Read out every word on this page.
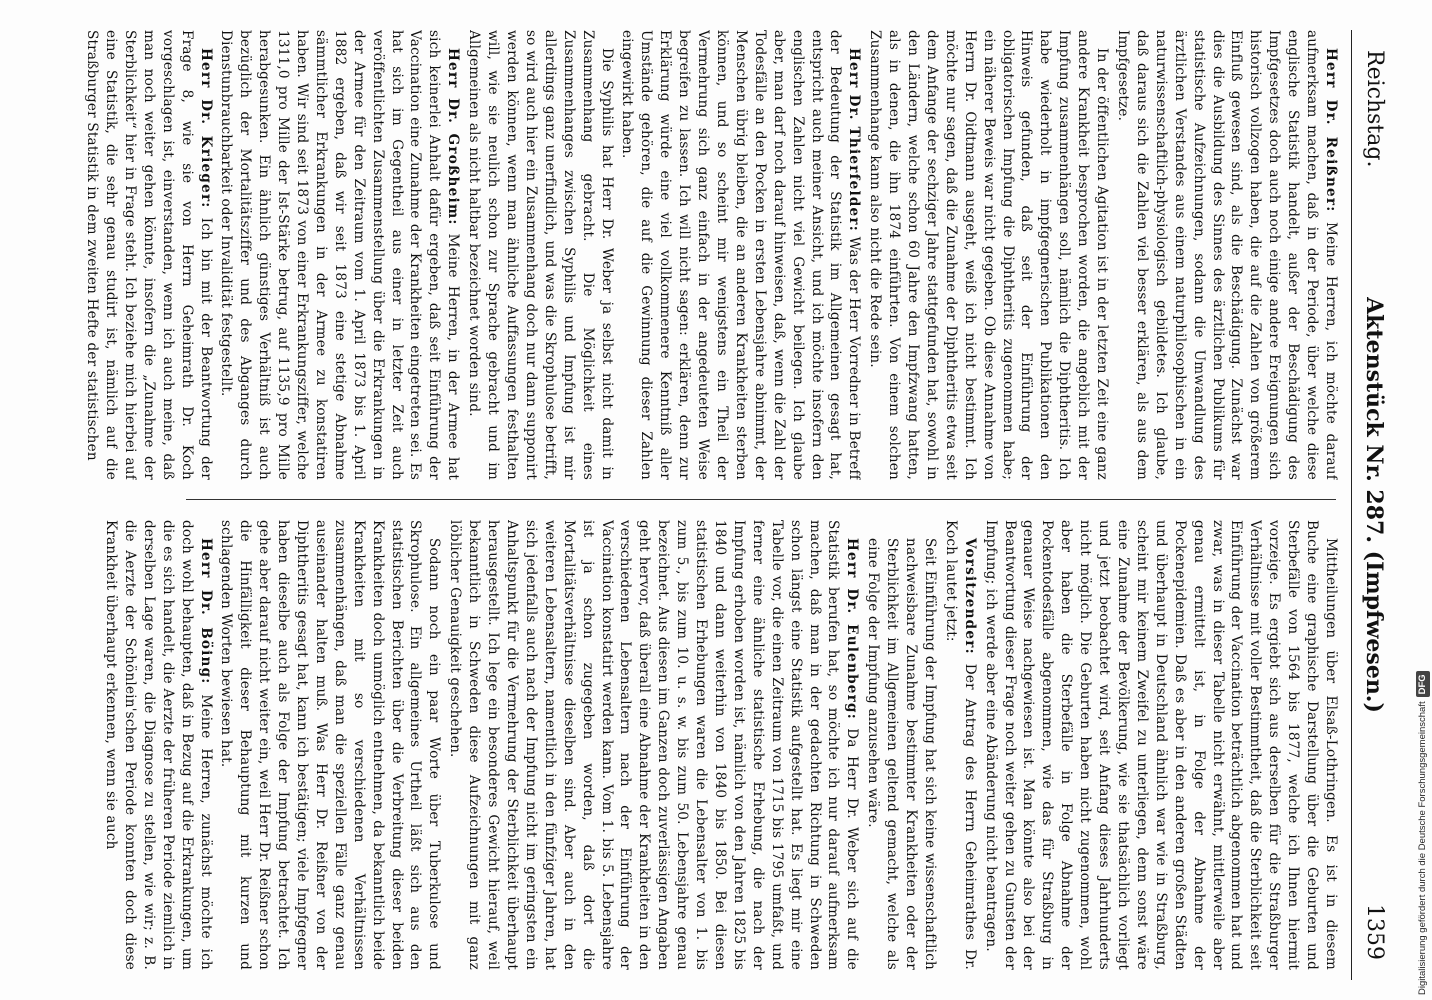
Reichstag.
Aktenstück Nr. 287. (Impfwesen.)
1359

Herr Dr. Reißner: Meine Herren, ich möchte darauf aufmerksam machen, daß in der Periode, über welche diese englische Statistik handelt, außer der Beschädigung des Impfgesetzes doch auch noch einige andere Ereignungen sich historisch vollzogen haben, die auf die Zahlen von größerem Einfluß gewesen sind, als die Beschädigung. Zunächst war dies die Ausbildung des Sinnes des ärztlichen Publikums für statistische Aufzeichnungen, sodann die Umwandlung des ärztlichen Verstandes aus einem naturphilosophischen in ein naturwissenschaftlich-physiologisch gebildetes. Ich glaube, daß daraus sich die Zahlen viel besser erklären, als aus dem Impfgesetze.

In der öffentlichen Agitation ist in der letzten Zeit eine ganz andere Krankheit besprochen worden, die angeblich mit der Impfung zusammenhängen soll, nämlich die Diphtheritis. Ich habe wiederholt in impfgegnerischen Publikationen den Hinweis gefunden, daß seit der Einführung der obligatorischen Impfung die Diphtheritis zugenommen habe; ein näherer Beweis war nicht gegeben. Ob diese Annahme von Herrn Dr. Oidtmann ausgeht, weiß ich nicht bestimmt. Ich möchte nur sagen, daß die Zunahme der Diphtheritis etwa seit dem Anfange der sechziger Jahre stattgefunden hat, sowohl in den Ländern, welche schon 60 Jahre den Impfzwang hatten, als in denen, die ihn 1874 einführten. Von einem solchen Zusammenhange kann also nicht die Rede sein.

Herr Dr. Thierfelder: Was der Herr Vorredner in Betreff der Bedeutung der Statistik im Allgemeinen gesagt hat, entspricht auch meiner Ansicht, und ich möchte insofern den englischen Zahlen nicht viel Gewicht beilegen. Ich glaube aber, man darf noch darauf hinweisen, daß, wenn die Zahl der Todesfälle an den Pocken in ersten Lebensjahre abnimmt, der Menschen übrig bleiben, die an anderen Krankheiten sterben können, und so scheint mir wenigstens ein Theil der Vermehrung sich ganz einfach in der angedeuteten Weise begreifen zu lassen. Ich will nicht sagen: erklären, denn zur Erklärung würde eine viel vollkommenere Kenntniß aller Umstände gehören, die auf die Gewinnung dieser Zahlen eingewirkt haben.

Die Syphilis hat Herr Dr. Weber ja selbst nicht damit in Zusammenhang gebracht. Die Möglichkeit eines Zusammenhanges zwischen Syphilis und Impfung ist mir allerdings ganz unerfindlich, und was die Skrophulose betrifft, so wird auch hier ein Zusammenhang doch nur dann supponirt werden können, wenn man ähnliche Auffassungen festhalten will, wie sie neulich schon zur Sprache gebracht und im Allgemeinen als nicht haltbar bezeichnet worden sind.

Herr Dr. Großheim: Meine Herren, in der Armee hat sich keinerlei Anhalt dafür ergeben, daß seit Einführung der Vaccination eine Zunahme der Krankheiten eingetreten sei. Es hat sich im Gegentheil aus einer in letzter Zeit auch veröffentlichten Zusammenstellung über die Erkrankungen in der Armee für den Zeitraum vom 1. April 1873 bis 1. April 1882 ergeben, daß wir seit 1873 eine stetige Abnahme sämmtlicher Erkrankungen in der Armee zu konstatiren haben. Wir sind seit 1873 von einer Erkrankungsziffer, welche 1311,0 pro Mille der Ist-Stärke betrug, auf 1135,9 pro Mille herabgesunken. Ein ähnlich günstiges Verhältniß ist auch bezüglich der Mortalitätsziffer und des Abganges durch Dienstunbrauchbarkeit oder Invalidität festgestellt.

Herr Dr. Krieger: Ich bin mit der Beantwortung der Frage 8, wie sie von Herrn Geheimrath Dr. Koch vorgeschlagen ist, einverstanden, wenn ich auch meine, daß man noch weiter gehen könnte, insofern die „Zunahme der Sterblichkeit“ hier in Frage steht. Ich beziehe mich hierbei auf eine Statistik, die sehr genau studirt ist, nämlich auf die Straßburger Statistik in dem zweiten Hefte der statistischen

Mittheilungen über Elsaß-Lothringen. Es ist in diesem Buche eine graphische Darstellung über die Geburten und Sterbefälle von 1564 bis 1877, welche ich Ihnen hiermit vorzeige. Es ergiebt sich aus derselben für die Straßburger Verhältnisse mit voller Bestimmtheit, daß die Sterblichkeit seit Einführung der Vaccination beträchtlich abgenommen hat und zwar, was in dieser Tabelle nicht erwähnt, mittlerweile aber genau ermittelt ist, in Folge der Abnahme der Pockenepidemien. Daß es aber in den anderen großen Städten und überhaupt in Deutschland ähnlich war wie in Straßburg, scheint mir keinem Zweifel zu unterliegen, denn sonst wäre eine Zunahme der Bevölkerung, wie sie thatsächlich vorliegt und jetzt beobachtet wird, seit Anfang dieses Jahrhunderts nicht möglich. Die Geburten haben nicht zugenommen, wohl aber haben die Sterbefälle in Folge Abnahme der Pockentodesfälle abgenommen, wie das für Straßburg in genauer Weise nachgewiesen ist. Man könnte also bei der Beantwortung dieser Frage noch weiter gehen zu Gunsten der Impfung; ich werde aber eine Abänderung nicht beantragen.

Vorsitzender: Der Antrag des Herrn Geheimrathes Dr. Koch lautet jetzt:

Seit Einführung der Impfung hat sich keine wissenschaftlich nachweisbare Zunahme bestimmter Krankheiten oder der Sterblichkeit im Allgemeinen geltend gemacht, welche als eine Folge der Impfung anzusehen wäre.

Herr Dr. Eulenberg: Da Herr Dr. Weber sich auf die Statistik berufen hat, so möchte ich nur darauf aufmerksam machen, daß man in der gedachten Richtung in Schweden schon längst eine Statistik aufgestellt hat. Es liegt mir eine Tabelle vor, die einen Zeitraum von 1715 bis 1795 umfaßt, und ferner eine ähnliche statistische Erhebung, die nach der Impfung erhoben worden ist, nämlich von den Jahren 1825 bis 1840 und dann weiterhin von 1840 bis 1850. Bei diesen statistischen Erhebungen waren die Lebensalter von 1. bis zum 5., bis zum 10. u. s. w. bis zum 50. Lebensjahre genau bezeichnet. Aus diesen im Ganzen doch zuverlässigen Angaben geht hervor, daß überall eine Abnahme der Krankheiten in den verschiedenen Lebensaltern nach der Einführung der Vaccination konstatirt werden kann. Vom 1. bis 5. Lebensjahre ist ja schon zugegeben worden, daß dort die Mortalitätsverhältnisse dieselben sind. Aber auch in den weiteren Lebensaltern, namentlich in den fünfziger Jahren, hat sich jedenfalls auch nach der Impfung nicht im geringsten ein Anhaltspunkt für die Vermehrung der Sterblichkeit überhaupt herausgestellt. Ich lege ein besonderes Gewicht hierauf, weil bekanntlich in Schweden diese Aufzeichnungen mit ganz löblicher Genauigkeit geschehen.

Sodann noch ein paar Worte über Tuberkulose und Skrophulose. Ein allgemeines Urtheil läßt sich aus den statistischen Berichten über die Verbreitung dieser beiden Krankheiten doch unmöglich entnehmen, da bekanntlich beide Krankheiten mit so verschiedenen Verhältnissen zusammenhängen, daß man die speziellen Fälle ganz genau auseinander halten muß. Was Herr Dr. Reißner von der Diphtheritis gesagt hat, kann ich bestätigen; viele Impfgegner haben dieselbe auch als Folge der Impfung betrachtet. Ich gehe aber darauf nicht weiter ein, weil Herr Dr. Reißner schon die Hinfälligkeit dieser Behauptung mit kurzen und schlagenden Worten bewiesen hat.

Herr Dr. Böing: Meine Herren, zunächst möchte ich doch wohl behaupten, daß in Bezug auf die Erkrankungen, um die es sich handelt, die Aerzte der früheren Periode ziemlich in derselben Lage waren, die Diagnose zu stellen, wie wir; z. B. die Aerzte der Schönlein'schen Periode konnten doch diese Krankheit überhaupt erkennen, wenn sie auch	Digitalisierung gefördert durch die Deutsche ForschungsgemeinschaftDFG
